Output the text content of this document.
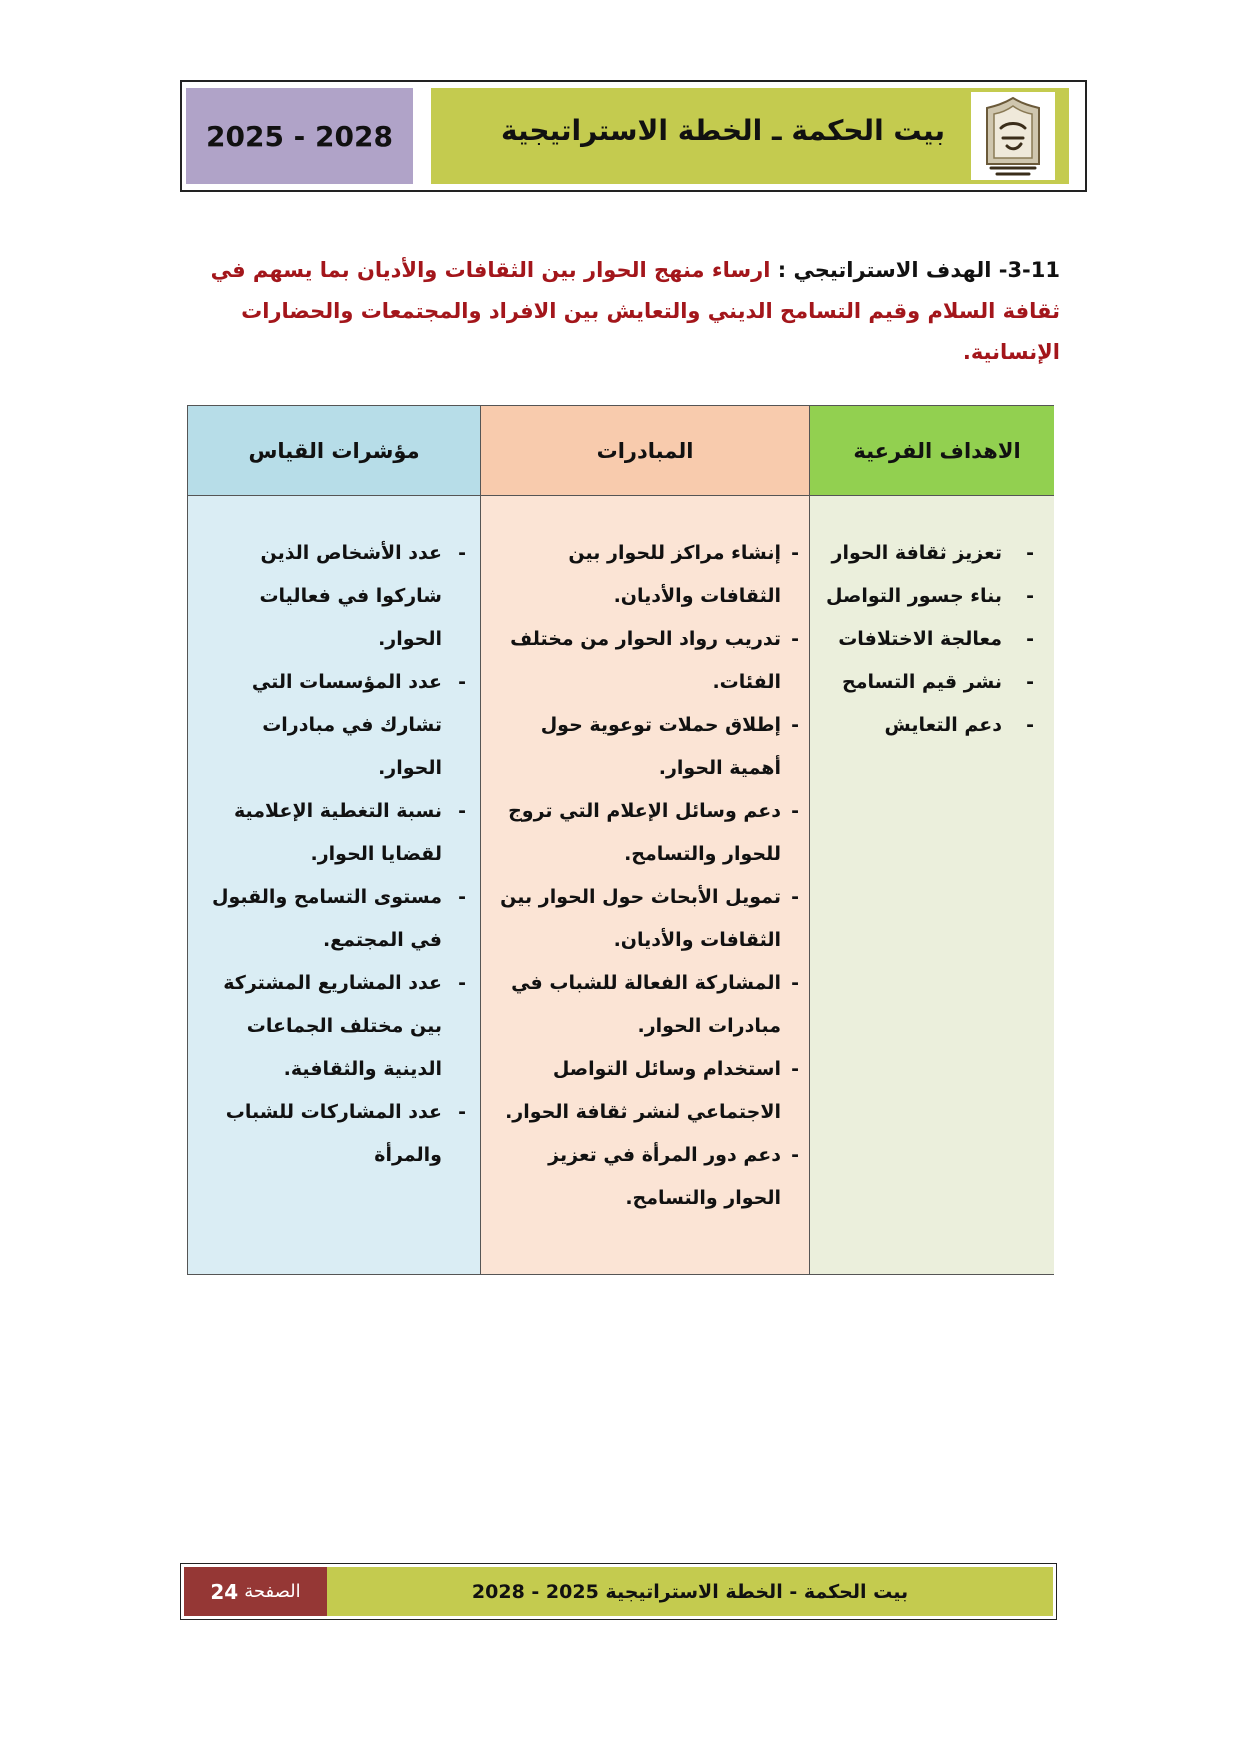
2025 - 2028	بيت الحكمة ـ الخطة الاستراتيجية
3-11- الهدف الاستراتيجي : ارساء منهج الحوار بين الثقافات والأديان بما يسهم في ثقافة السلام وقيم التسامح الديني والتعايش بين الافراد والمجتمعات والحضارات الإنسانية.
الاهداف الفرعية
- تعزيز ثقافة الحوار
- بناء جسور التواصل
- معالجة الاختلافات
- نشر قيم التسامح
- دعم التعايش
المبادرات
- إنشاء مراكز للحوار بين الثقافات والأديان.
- تدريب رواد الحوار من مختلف الفئات.
- إطلاق حملات توعوية حول أهمية الحوار.
- دعم وسائل الإعلام التي تروج للحوار والتسامح.
- تمويل الأبحاث حول الحوار بين الثقافات والأديان.
- المشاركة الفعالة للشباب في مبادرات الحوار.
- استخدام وسائل التواصل الاجتماعي لنشر ثقافة الحوار.
- دعم دور المرأة في تعزيز الحوار والتسامح.
مؤشرات القياس
- عدد الأشخاص الذين شاركوا في فعاليات الحوار.
- عدد المؤسسات التي تشارك في مبادرات الحوار.
- نسبة التغطية الإعلامية لقضايا الحوار.
- مستوى التسامح والقبول في المجتمع.
- عدد المشاريع المشتركة بين مختلف الجماعات الدينية والثقافية.
- عدد المشاركات للشباب والمرأة
الصفحة
24	بيت الحكمة - الخطة الاستراتيجية 2025 - 2028
